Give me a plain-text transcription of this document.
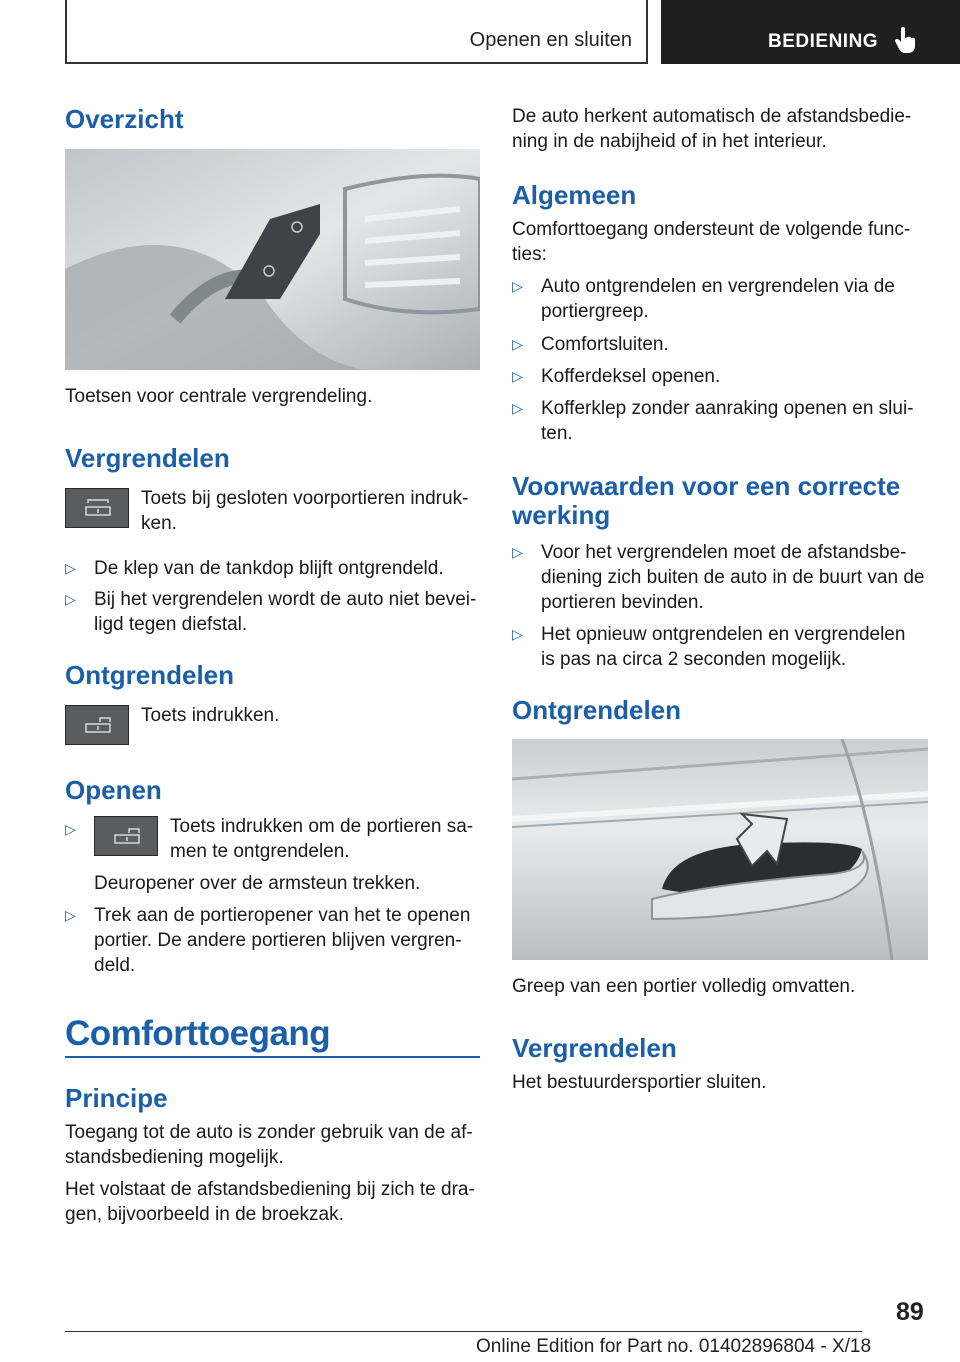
Openen en sluiten	BEDIENING
Overzicht

Toetsen voor centrale vergrendeling.

Vergrendelen

Toets bij gesloten voorportieren indruk-

ken.

▷ De klep van de tankdop blijft ontgrendeld.

▷ Bij het vergrendelen wordt de auto niet bevei-

ligd tegen diefstal.

Ontgrendelen

Toets indrukken.

Openen
▷	Toets indrukken om de portieren sa-

men te ontgrendelen.

Deuropener over de armsteun trekken.

▷ Trek aan de portieropener van het te openen

portier. De andere portieren blijven vergren-

deld.

Comforttoegang
Principe

Toegang tot de auto is zonder gebruik van de af-

standsbediening mogelijk.

Het volstaat de afstandsbediening bij zich te dra-

gen, bijvoorbeeld in de broekzak.

De auto herkent automatisch de afstandsbedie-

ning in de nabijheid of in het interieur.

Algemeen

Comforttoegang ondersteunt de volgende func-

ties:

▷ Auto ontgrendelen en vergrendelen via de

portiergreep.

▷ Comfortsluiten.

▷ Kofferdeksel openen.

▷ Kofferklep zonder aanraking openen en slui-

ten.

Voorwaarden voor een correcte
werking
▷ Voor het vergrendelen moet de afstandsbe-

diening zich buiten de auto in de buurt van de

portieren bevinden.

▷ Het opnieuw ontgrendelen en vergrendelen

is pas na circa 2 seconden mogelijk.

Ontgrendelen

Greep van een portier volledig omvatten.

Vergrendelen

Het bestuurdersportier sluiten.

89
Online Edition for Part no. 01402896804 - X/18
